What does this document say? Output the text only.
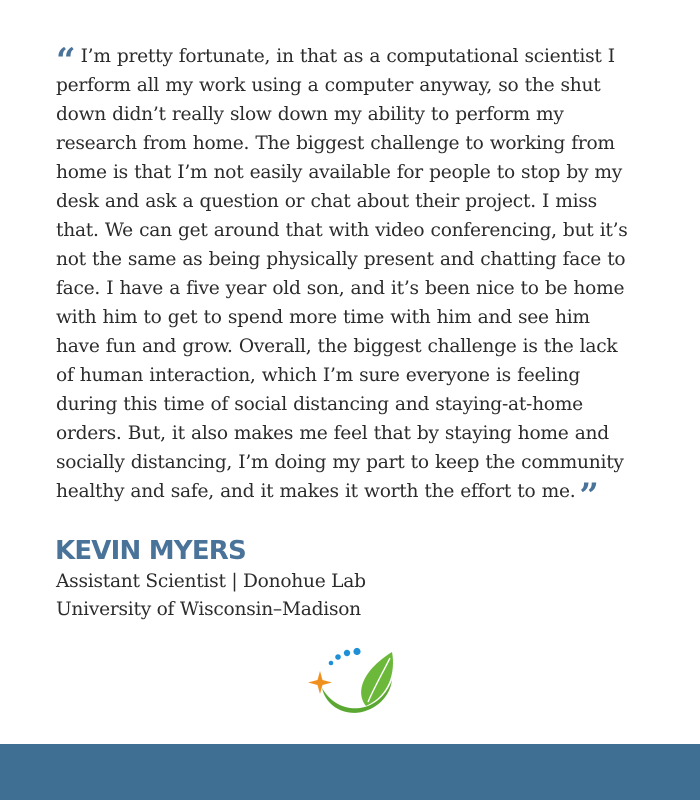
“ I’m pretty fortunate, in that as a computational scientist I
perform all my work using a computer anyway, so the shut
down didn’t really slow down my ability to perform my
research from home. The biggest challenge to working from
home is that I’m not easily available for people to stop by my
desk and ask a question or chat about their project. I miss
that. We can get around that with video conferencing, but it’s
not the same as being physically present and chatting face to
face. I have a five year old son, and it’s been nice to be home
with him to get to spend more time with him and see him
have fun and grow. Overall, the biggest challenge is the lack
of human interaction, which I’m sure everyone is feeling
during this time of social distancing and staying-at-home
orders. But, it also makes me feel that by staying home and
socially distancing, I’m doing my part to keep the community
healthy and safe, and it makes it worth the effort to me. ”
KEVIN MYERS

Assistant Scientist | Donohue Lab

University of Wisconsin–Madison
